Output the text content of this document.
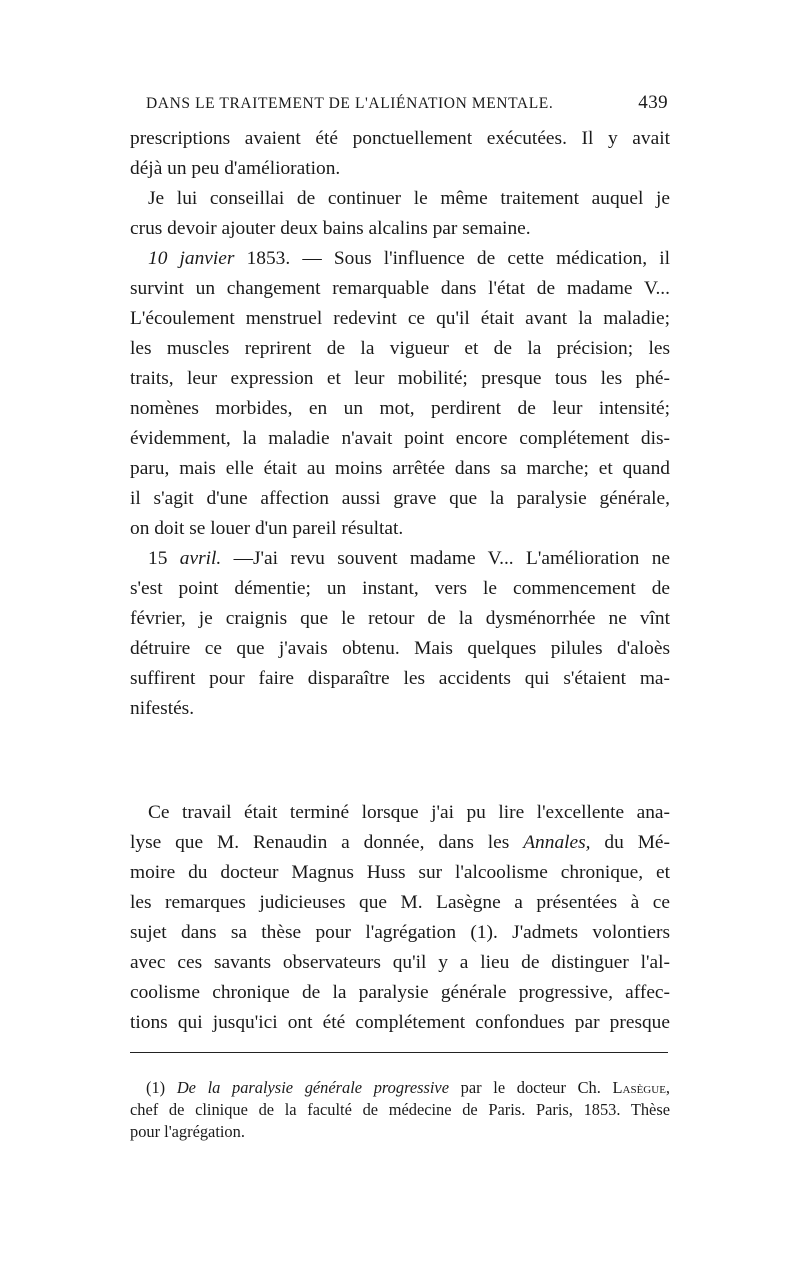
DANS LE TRAITEMENT DE L'ALIÉNATION MENTALE.	439

prescriptions avaient été ponctuellement exécutées. Il y avait
déjà un peu d'amélioration.

Je lui conseillai de continuer le même traitement auquel je
crus devoir ajouter deux bains alcalins par semaine.

10 janvier 1853. — Sous l'influence de cette médication, il
survint un changement remarquable dans l'état de madame V...
L'écoulement menstruel redevint ce qu'il était avant la maladie;
les muscles reprirent de la vigueur et de la précision; les
traits, leur expression et leur mobilité; presque tous les phé-
nomènes morbides, en un mot, perdirent de leur intensité;
évidemment, la maladie n'avait point encore complétement dis-
paru, mais elle était au moins arrêtée dans sa marche; et quand
il s'agit d'une affection aussi grave que la paralysie générale,
on doit se louer d'un pareil résultat.

15 avril. —J'ai revu souvent madame V... L'amélioration ne
s'est point démentie; un instant, vers le commencement de
février, je craignis que le retour de la dysménorrhée ne vînt
détruire ce que j'avais obtenu. Mais quelques pilules d'aloès
suffirent pour faire disparaître les accidents qui s'étaient ma-
nifestés.

Ce travail était terminé lorsque j'ai pu lire l'excellente ana-
lyse que M. Renaudin a donnée, dans les Annales, du Mé-
moire du docteur Magnus Huss sur l'alcoolisme chronique, et
les remarques judicieuses que M. Lasègne a présentées à ce
sujet dans sa thèse pour l'agrégation (1). J'admets volontiers
avec ces savants observateurs qu'il y a lieu de distinguer l'al-
coolisme chronique de la paralysie générale progressive, affec-
tions qui jusqu'ici ont été complétement confondues par presque

(1) De la paralysie générale progressive par le docteur Ch. Lasègue,
chef de clinique de la faculté de médecine de Paris. Paris, 1853. Thèse
pour l'agrégation.
